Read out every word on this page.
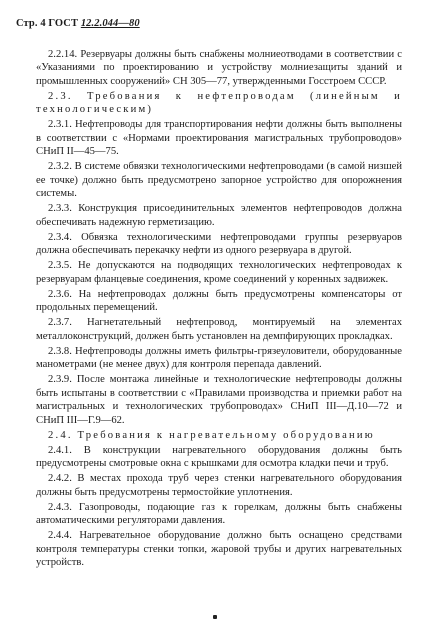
Стр. 4 ГОСТ 12.2.044—80

2.2.14. Резервуары должны быть снабжены молниеотводами в соответствии с «Указаниями по проектированию и устройству молниезащиты зданий и промышленных сооружений» СН 305—77, утвержденными Госстроем СССР.

2.3. Требования к нефтепроводам (линейным и технологическим)

2.3.1. Нефтепроводы для транспортирования нефти должны быть выполнены в соответствии с «Нормами проектирования магистральных трубопроводов» СНиП II—45—75.

2.3.2. В системе обвязки технологическими нефтепроводами (в самой низшей ее точке) должно быть предусмотрено запорное устройство для опорожнения системы.

2.3.3. Конструкция присоединительных элементов нефтепроводов должна обеспечивать надежную герметизацию.

2.3.4. Обвязка технологическими нефтепроводами группы резервуаров должна обеспечивать перекачку нефти из одного резервуара в другой.

2.3.5. Не допускаются на подводящих технологических нефтепроводах к резервуарам фланцевые соединения, кроме соединений у коренных задвижек.

2.3.6. На нефтепроводах должны быть предусмотрены компенсаторы от продольных перемещений.

2.3.7. Нагнетательный нефтепровод, монтируемый на элементах металлоконструкций, должен быть установлен на демпфирующих прокладках.

2.3.8. Нефтепроводы должны иметь фильтры-грязеуловители, оборудованные манометрами (не менее двух) для контроля перепада давлений.

2.3.9. После монтажа линейные и технологические нефтепроводы должны быть испытаны в соответствии с «Правилами производства и приемки работ на магистральных и технологических трубопроводах» СНиП III—Д.10—72 и СНиП III—Г.9—62.

2.4. Требования к нагревательному оборудованию

2.4.1. В конструкции нагревательного оборудования должны быть предусмотрены смотровые окна с крышками для осмотра кладки печи и труб.

2.4.2. В местах прохода труб через стенки нагревательного оборудования должны быть предусмотрены термостойкие уплотнения.

2.4.3. Газопроводы, подающие газ к горелкам, должны быть снабжены автоматическими регуляторами давления.

2.4.4. Нагревательное оборудование должно быть оснащено средствами контроля температуры стенки топки, жаровой трубы и других нагревательных устройств.
